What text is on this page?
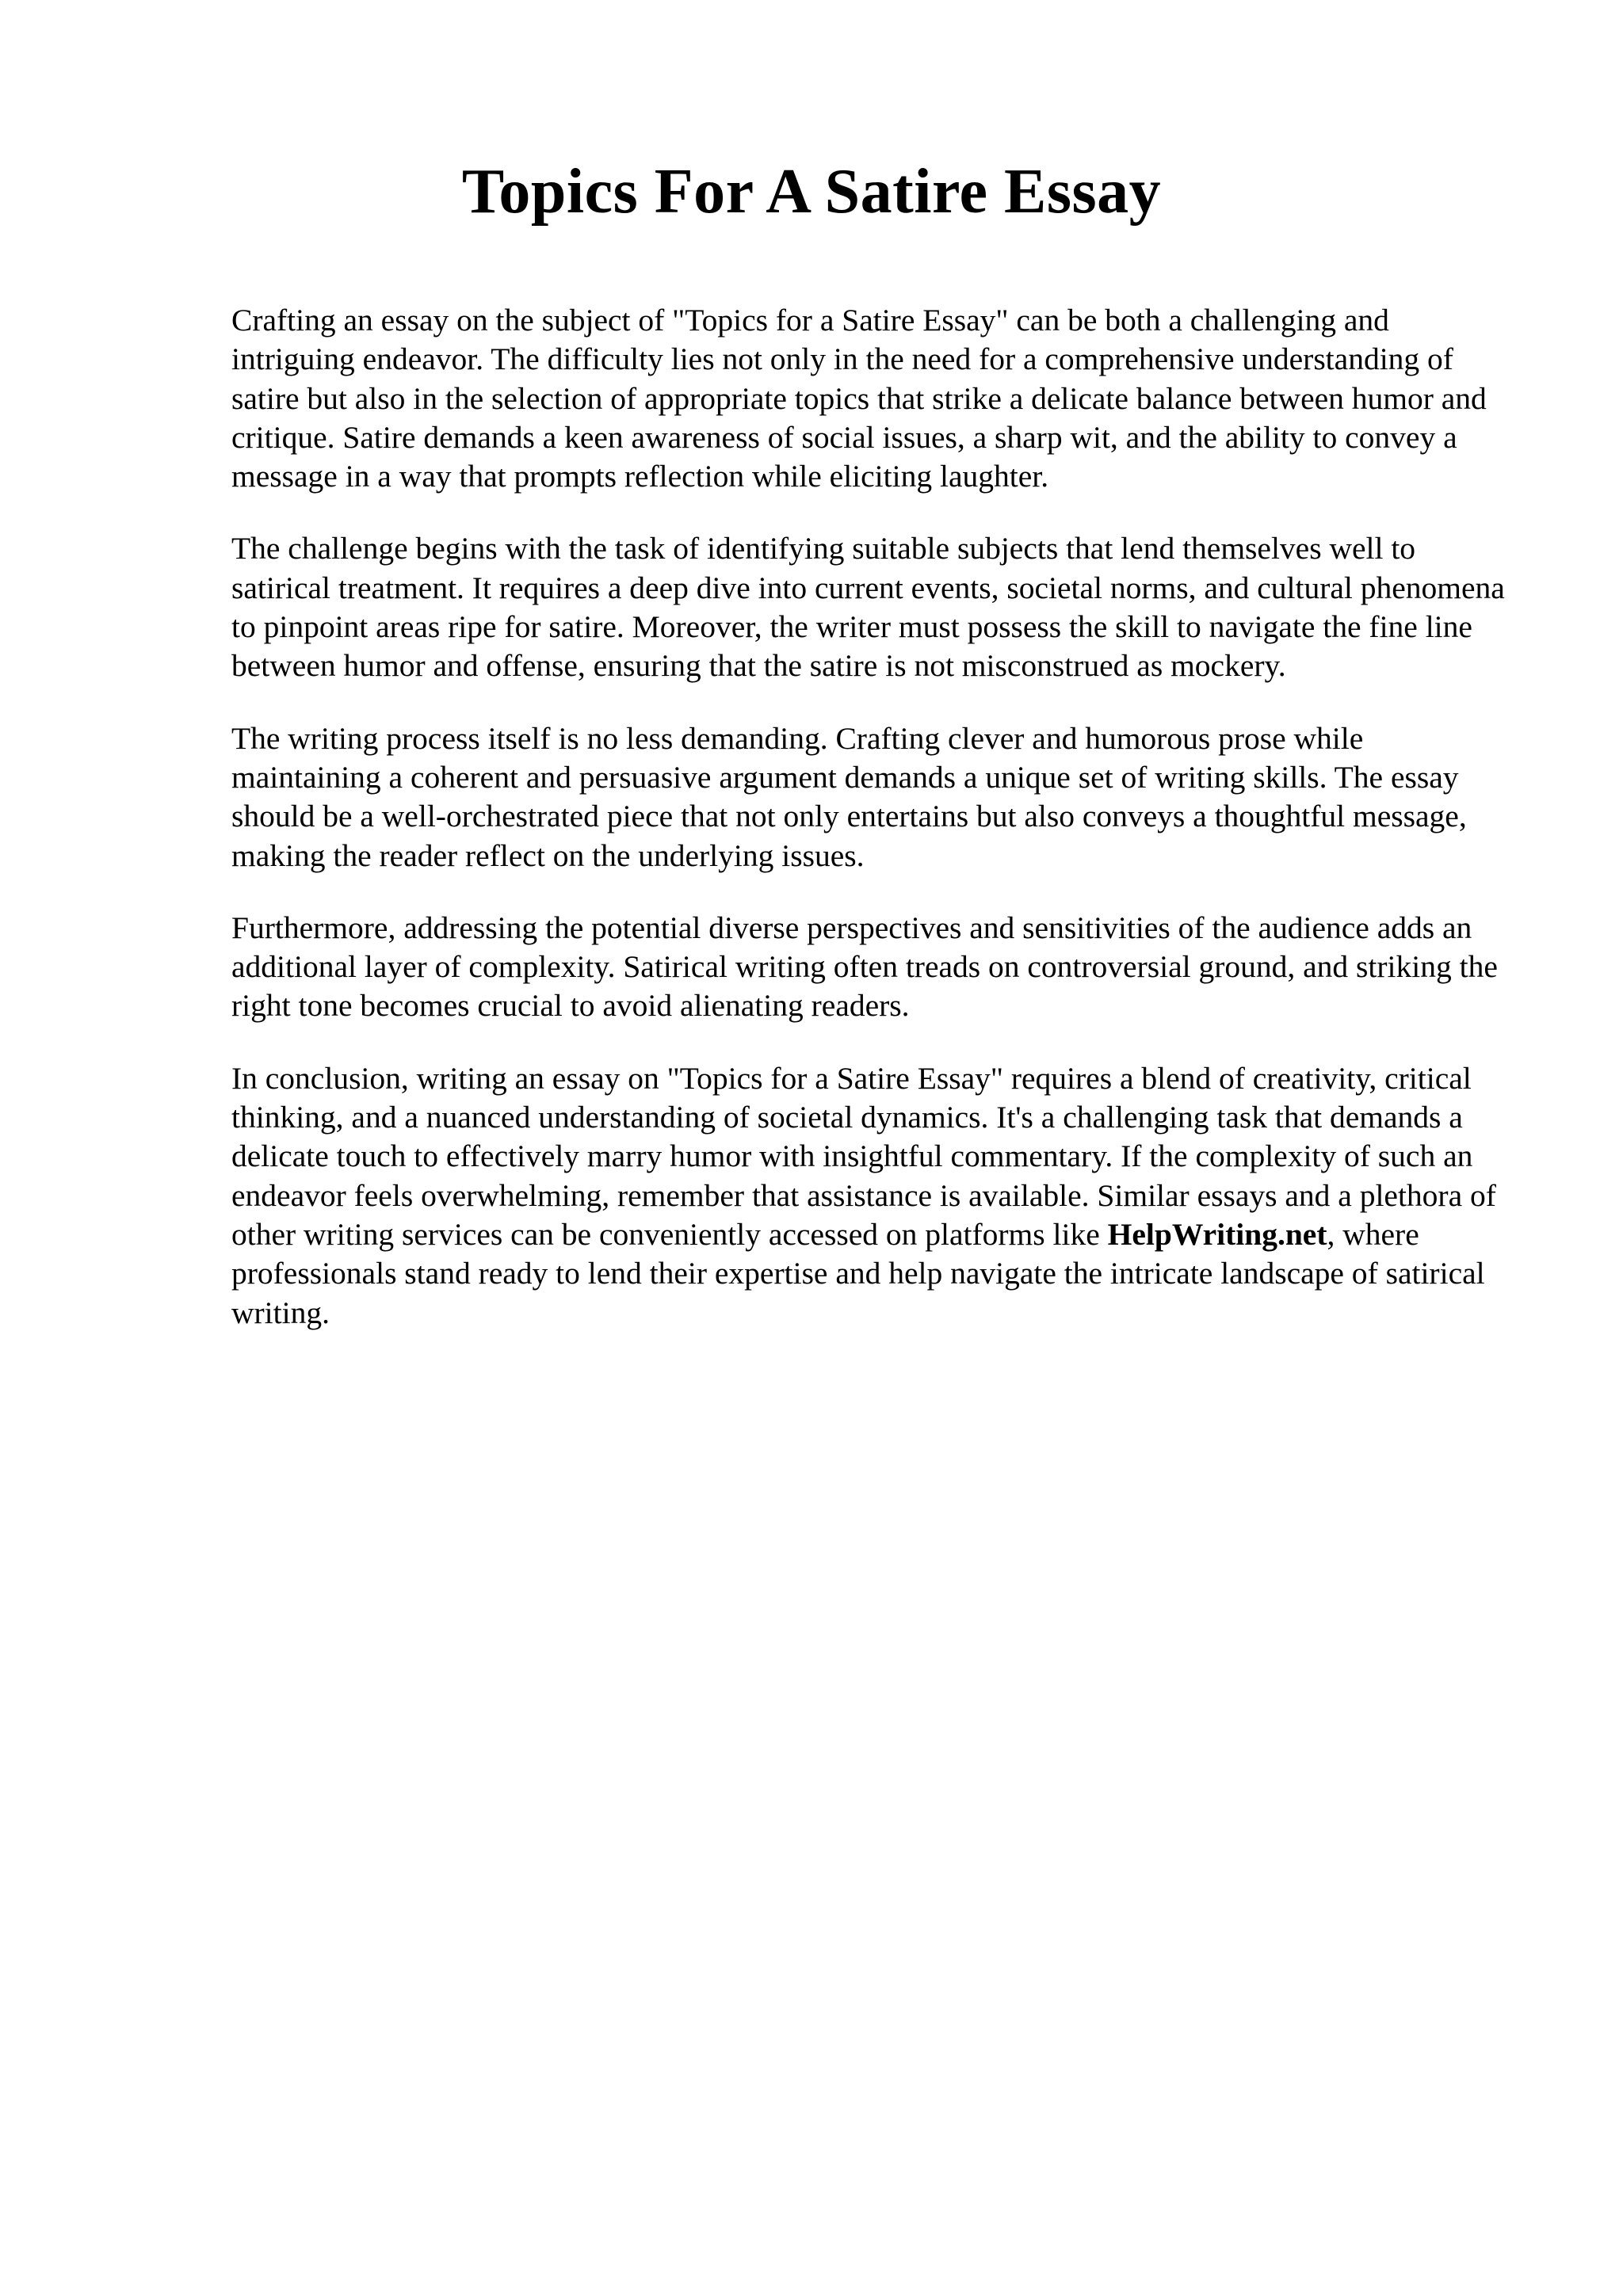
Topics For A Satire Essay

Crafting an essay on the subject of "Topics for a Satire Essay" can be both a challenging and intriguing endeavor. The difficulty lies not only in the need for a comprehensive understanding of satire but also in the selection of appropriate topics that strike a delicate balance between humor and critique. Satire demands a keen awareness of social issues, a sharp wit, and the ability to convey a message in a way that prompts reflection while eliciting laughter.

The challenge begins with the task of identifying suitable subjects that lend themselves well to satirical treatment. It requires a deep dive into current events, societal norms, and cultural phenomena to pinpoint areas ripe for satire. Moreover, the writer must possess the skill to navigate the fine line between humor and offense, ensuring that the satire is not misconstrued as mockery.

The writing process itself is no less demanding. Crafting clever and humorous prose while maintaining a coherent and persuasive argument demands a unique set of writing skills. The essay should be a well-orchestrated piece that not only entertains but also conveys a thoughtful message, making the reader reflect on the underlying issues.

Furthermore, addressing the potential diverse perspectives and sensitivities of the audience adds an additional layer of complexity. Satirical writing often treads on controversial ground, and striking the right tone becomes crucial to avoid alienating readers.

In conclusion, writing an essay on "Topics for a Satire Essay" requires a blend of creativity, critical thinking, and a nuanced understanding of societal dynamics. It's a challenging task that demands a delicate touch to effectively marry humor with insightful commentary. If the complexity of such an endeavor feels overwhelming, remember that assistance is available. Similar essays and a plethora of other writing services can be conveniently accessed on platforms like HelpWriting.net, where professionals stand ready to lend their expertise and help navigate the intricate landscape of satirical writing.
